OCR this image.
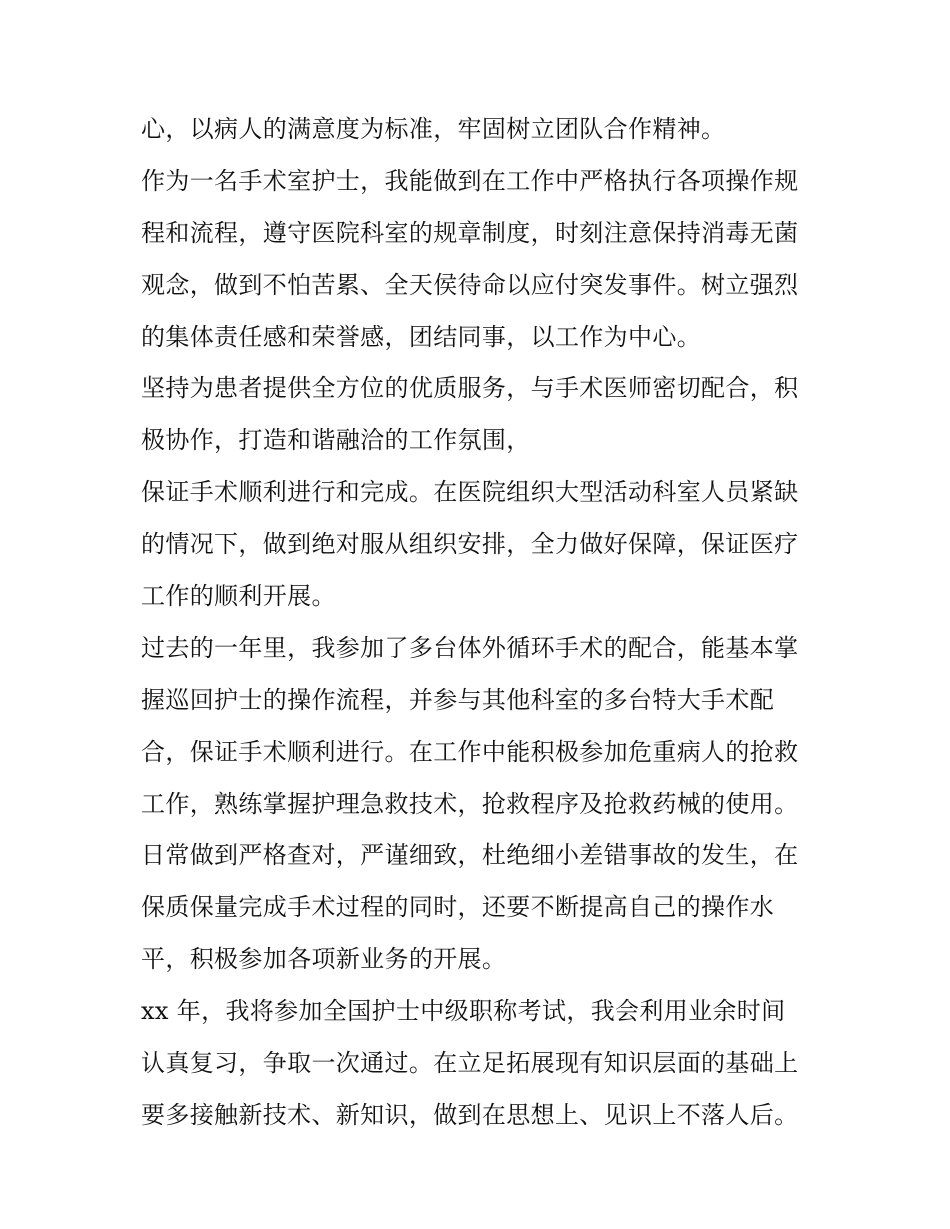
心，以病人的满意度为标准，牢固树立团队合作精神。
作为一名手术室护士，我能做到在工作中严格执行各项操作规
程和流程，遵守医院科室的规章制度，时刻注意保持消毒无菌
观念，做到不怕苦累、全天侯待命以应付突发事件。树立强烈
的集体责任感和荣誉感，团结同事，以工作为中心。
坚持为患者提供全方位的优质服务，与手术医师密切配合，积
极协作，打造和谐融洽的工作氛围，
保证手术顺利进行和完成。在医院组织大型活动科室人员紧缺
的情况下，做到绝对服从组织安排，全力做好保障，保证医疗
工作的顺利开展。
过去的一年里，我参加了多台体外循环手术的配合，能基本掌
握巡回护士的操作流程，并参与其他科室的多台特大手术配
合，保证手术顺利进行。在工作中能积极参加危重病人的抢救
工作，熟练掌握护理急救技术，抢救程序及抢救药械的使用。
日常做到严格查对，严谨细致，杜绝细小差错事故的发生，在
保质保量完成手术过程的同时，还要不断提高自己的操作水
平，积极参加各项新业务的开展。
xx 年，我将参加全国护士中级职称考试，我会利用业余时间
认真复习，争取一次通过。在立足拓展现有知识层面的基础上
要多接触新技术、新知识，做到在思想上、见识上不落人后。
